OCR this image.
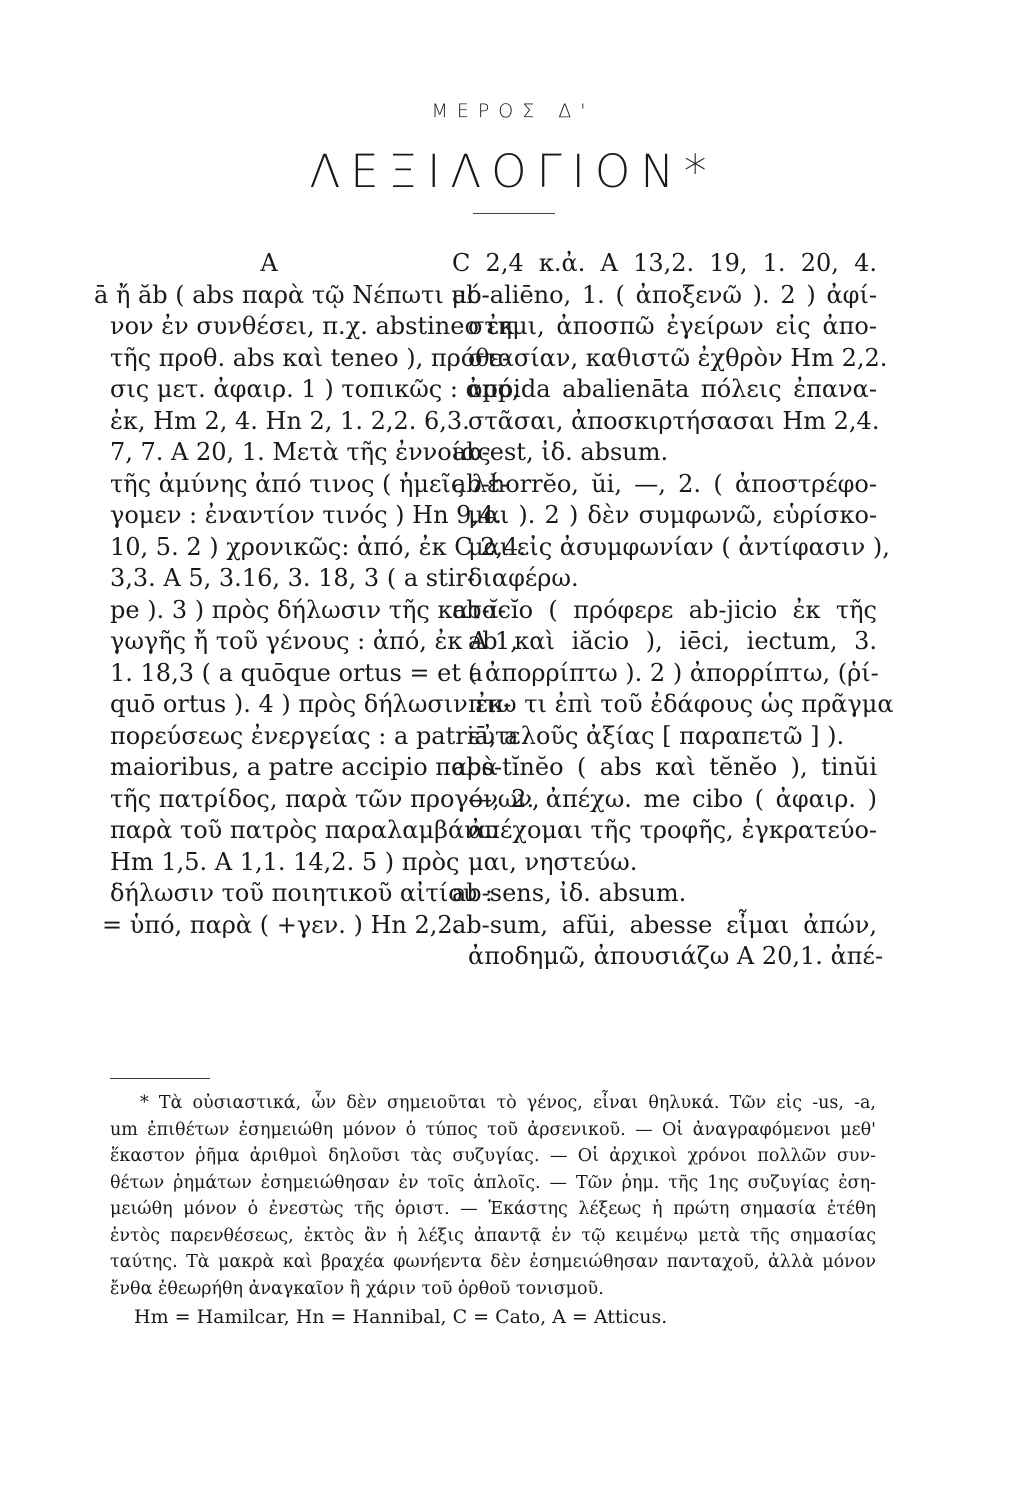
ΜΕΡΟΣ Δ'
ΛΕΞΙΛΟΓΙΟΝ*
Α
ā ἤ ăb ( abs παρὰ τῷ Νέπωτι μό-
νον ἐν συνθέσει, π.χ. abstineo ἐκ
τῆς προθ. abs καὶ teneo ), πρόθε-
σις μετ. ἀφαιρ. 1 ) τοπικῶς : ἀπό,
ἐκ, Hm 2, 4. Hn 2, 1. 2,2. 6,3.
7, 7. A 20, 1. Μετὰ τῆς ἐννοίας
τῆς ἀμύνης ἀπό τινος ( ἡμεῖς λέ-
γομεν : ἐναντίον τινός ) Hn 9,4.
10, 5. 2 ) χρονικῶς: ἀπό, ἐκ C 2,4.
3,3. A 5, 3.16, 3. 18, 3 ( a stir-
pe ). 3 ) πρὸς δήλωσιν τῆς κατα-
γωγῆς ἤ τοῦ γένους : ἀπό, ἐκ A 1,
1. 18,3 ( a quōque ortus = et a
quō ortus ). 4 ) πρὸς δήλωσιν ἐκ-
πορεύσεως ἐνεργείας : a patriā, a
maioribus, a patre accipio παρὰ
τῆς πατρίδος, παρὰ τῶν προγόνων,
παρὰ τοῦ πατρὸς παραλαμβάνω
Hm 1,5. A 1,1. 14,2. 5 ) πρὸς
δήλωσιν τοῦ ποιητικοῦ αἰτίου :
= ὑπό, παρὰ ( +γεν. ) Hn 2,2.
C 2,4 κ.ἀ. A 13,2. 19, 1. 20, 4.
ab-aliēno, 1. ( ἀποξενῶ ). 2 ) ἀφί-
στημι, ἀποσπῶ ἐγείρων εἰς ἀπο-
στασίαν, καθιστῶ ἐχθρὸν Hm 2,2.
oppida abalienāta πόλεις ἐπανα-
στᾶσαι, ἀποσκιρτήσασαι Hm 2,4.
ab-est, ἰδ. absum.
ab-horrĕo, ŭi, —, 2. ( ἀποστρέφο-
μαι ). 2 ) δὲν συμφωνῶ, εὑρίσκο-
μαι εἰς ἀσυμφωνίαν ( ἀντίφασιν ),
διαφέρω.
ab-ĭcĭo ( πρόφερε ab-jicio ἐκ τῆς
ab καὶ iăcio ), iēci, iectum, 3.
( ἀπορρίπτω ). 2 ) ἀπορρίπτω, (ῥί-
πτω τι ἐπὶ τοῦ ἐδάφους ὡς πρᾶγμα
εὐτελοῦς ἀξίας [ παραπετῶ ] ).
abs-tĭnĕo ( abs καὶ tĕnĕo ), tinŭi
—, 2. ἀπέχω. me cibo ( ἀφαιρ. )
ἀπέχομαι τῆς τροφῆς, ἐγκρατεύο-
μαι, νηστεύω.
ab-sens, ἰδ. absum.
ab-sum, afŭi, abesse εἶμαι ἀπών,
ἀποδημῶ, ἀπουσιάζω A 20,1. ἀπέ-
* Τὰ οὐσιαστικά, ὧν δὲν σημειοῦται τὸ γένος, εἶναι θηλυκά. Τῶν εἰς -us, -a,
um ἐπιθέτων ἐσημειώθη μόνον ὁ τύπος τοῦ ἀρσενικοῦ. — Οἱ ἀναγραφόμενοι μεθ'
ἕκαστον ῥῆμα ἀριθμοὶ δηλοῦσι τὰς συζυγίας. — Οἱ ἀρχικοὶ χρόνοι πολλῶν συν-
θέτων ῥημάτων ἐσημειώθησαν ἐν τοῖς ἁπλοῖς. — Τῶν ῥημ. τῆς 1ης συζυγίας ἐση-
μειώθη μόνον ὁ ἐνεστὼς τῆς ὁριστ. — Ἑκάστης λέξεως ἡ πρώτη σημασία ἐτέθη
ἐντὸς παρενθέσεως, ἐκτὸς ἂν ἡ λέξις ἀπαντᾷ ἐν τῷ κειμένῳ μετὰ τῆς σημασίας
ταύτης. Τὰ μακρὰ καὶ βραχέα φωνήεντα δὲν ἐσημειώθησαν πανταχοῦ, ἀλλὰ μόνον
ἔνθα ἐθεωρήθη ἀναγκαῖον ἢ χάριν τοῦ ὀρθοῦ τονισμοῦ.
Hm = Hamilcar, Hn = Hannibal, C = Cato, A = Atticus.
